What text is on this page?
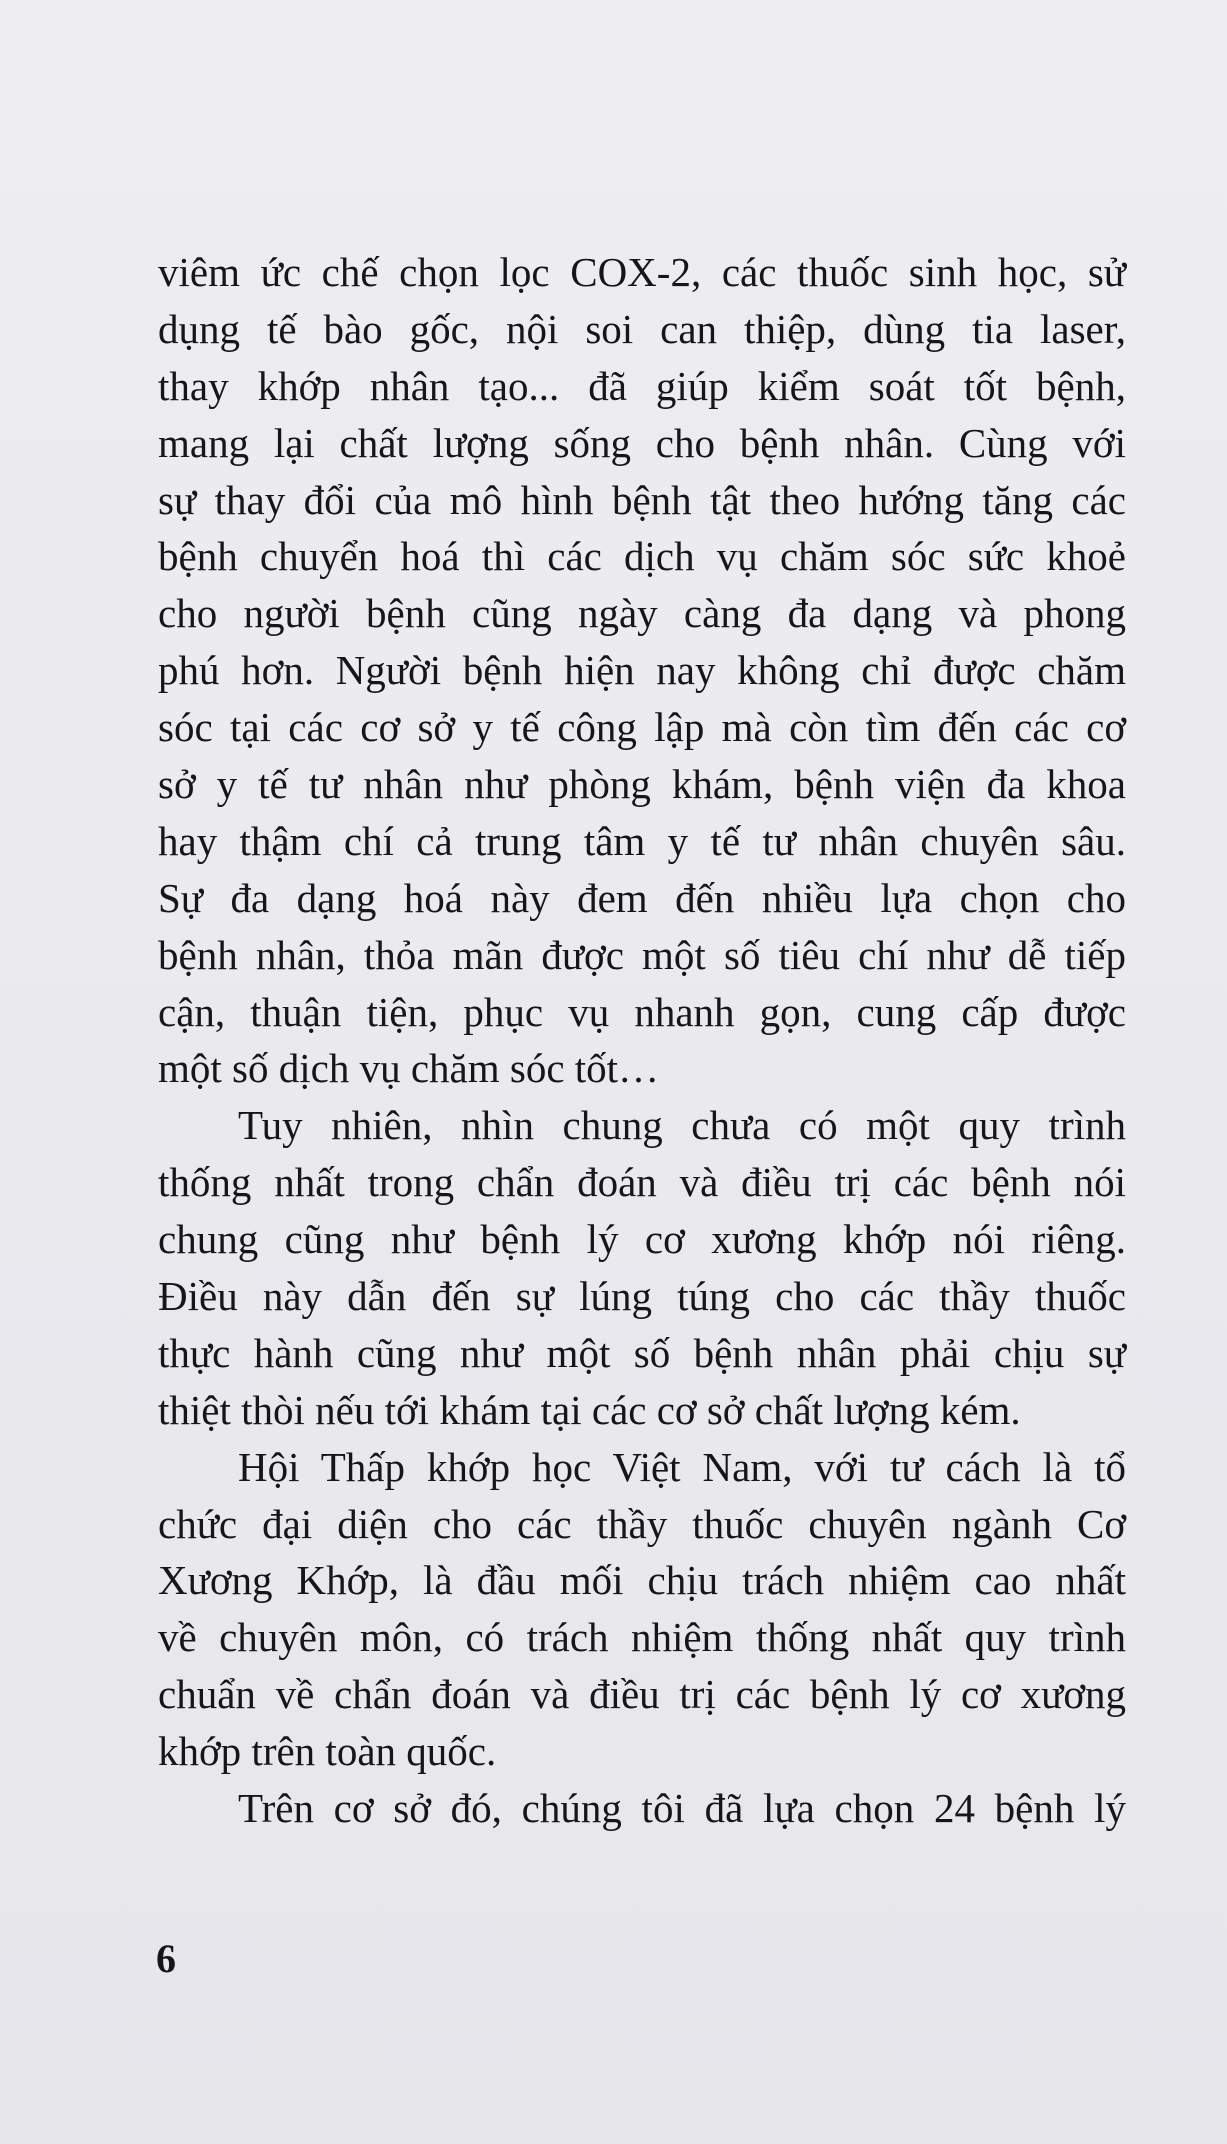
viêm ức chế chọn lọc COX-2, các thuốc sinh học, sử
dụng tế bào gốc, nội soi can thiệp, dùng tia laser,
thay khớp nhân tạo... đã giúp kiểm soát tốt bệnh,
mang lại chất lượng sống cho bệnh nhân. Cùng với
sự thay đổi của mô hình bệnh tật theo hướng tăng các
bệnh chuyển hoá thì các dịch vụ chăm sóc sức khoẻ
cho người bệnh cũng ngày càng đa dạng và phong
phú hơn. Người bệnh hiện nay không chỉ được chăm
sóc tại các cơ sở y tế công lập mà còn tìm đến các cơ
sở y tế tư nhân như phòng khám, bệnh viện đa khoa
hay thậm chí cả trung tâm y tế tư nhân chuyên sâu.
Sự đa dạng hoá này đem đến nhiều lựa chọn cho
bệnh nhân, thỏa mãn được một số tiêu chí như dễ tiếp
cận, thuận tiện, phục vụ nhanh gọn, cung cấp được
một số dịch vụ chăm sóc tốt…
Tuy nhiên, nhìn chung chưa có một quy trình
thống nhất trong chẩn đoán và điều trị các bệnh nói
chung cũng như bệnh lý cơ xương khớp nói riêng.
Điều này dẫn đến sự lúng túng cho các thầy thuốc
thực hành cũng như một số bệnh nhân phải chịu sự
thiệt thòi nếu tới khám tại các cơ sở chất lượng kém.
Hội Thấp khớp học Việt Nam, với tư cách là tổ
chức đại diện cho các thầy thuốc chuyên ngành Cơ
Xương Khớp, là đầu mối chịu trách nhiệm cao nhất
về chuyên môn, có trách nhiệm thống nhất quy trình
chuẩn về chẩn đoán và điều trị các bệnh lý cơ xương
khớp trên toàn quốc.
Trên cơ sở đó, chúng tôi đã lựa chọn 24 bệnh lý
6
